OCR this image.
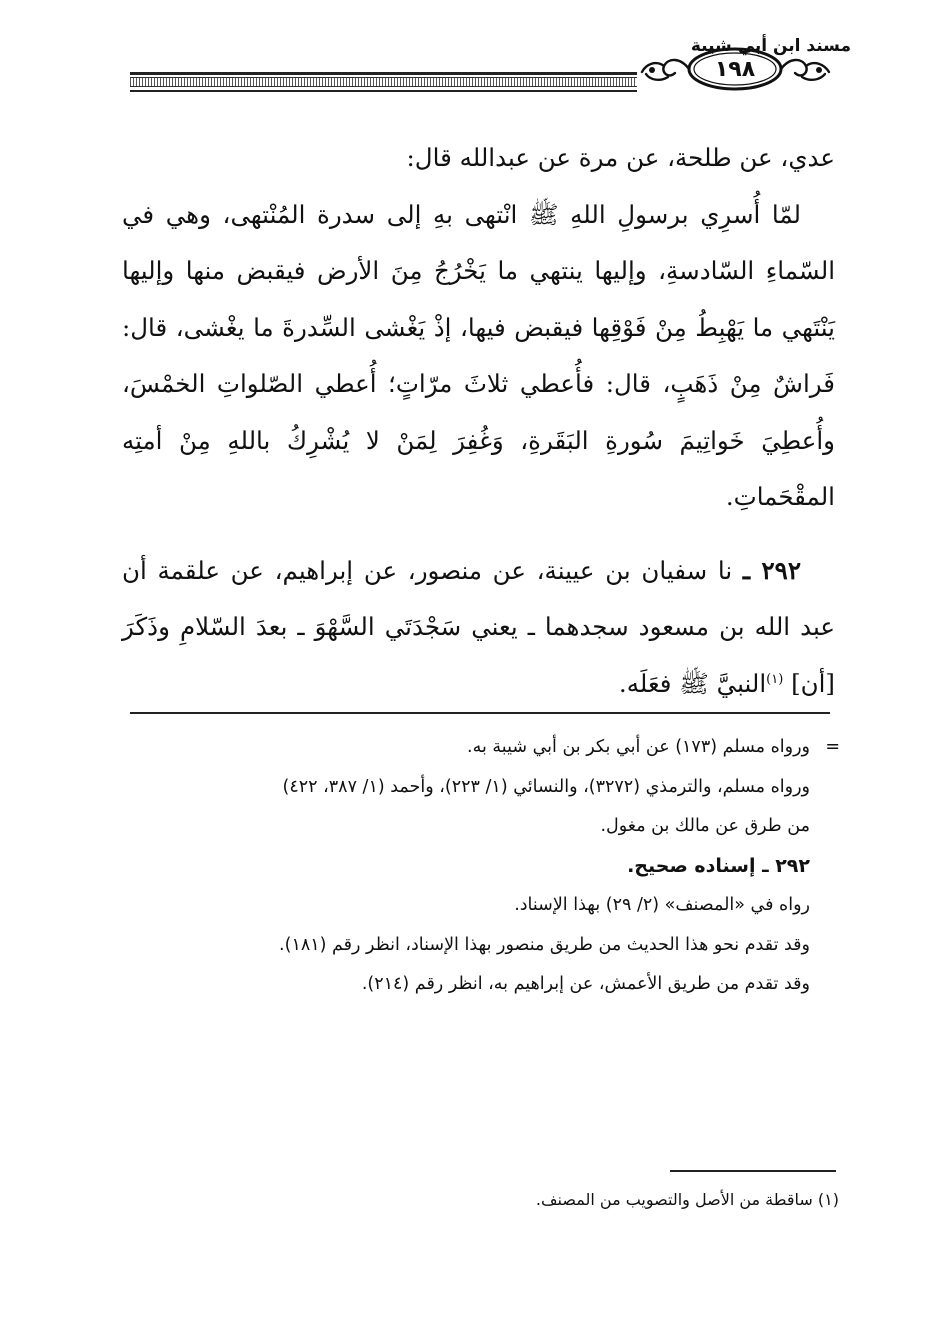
مسند ابن أبي شيبة
١٩٨

عدي، عن طلحة، عن مرة عن عبدالله قال:

لمّا أُسرِي برسولِ اللهِ ﷺ انْتهى بهِ إلى سدرة المُنْتهى، وهي في السّماءِ السّادسةِ، وإليها ينتهي ما يَخْرُجُ مِنَ الأرض فيقبض منها وإليها يَنْتَهي ما يَهْبِطُ مِنْ فَوْقِها فيقبض فيها، إذْ يَغْشى السِّدرةَ ما يغْشى، قال: فَراشٌ مِنْ ذَهَبٍ، قال: فأُعطي ثلاثَ مرّاتٍ؛ أُعطي الصّلواتِ الخمْسَ، وأُعطِيَ خَواتِيمَ سُورةِ البَقَرةِ، وَغُفِرَ لِمَنْ لا يُشْرِكُ باللهِ مِنْ أمتِه المقْحَماتِ.

٢٩٢ ـ نا سفيان بن عيينة، عن منصور، عن إبراهيم، عن علقمة أن عبد الله بن مسعود سجدهما ـ يعني سَجْدَتَي السَّهْوَ ـ بعدَ السّلامِ وذَكَرَ [أن] $^{(١)}$النبيَّ ﷺ فعَلَه.

=ورواه مسلم (١٧٣) عن أبي بكر بن أبي شيبة به.

ورواه مسلم، والترمذي (٣٢٧٢)، والنسائي (١/ ٢٢٣)، وأحمد (١/ ٣٨٧، ٤٢٢)

من طرق عن مالك بن مغول.

٢٩٢ ـ إسناده صحيح.

رواه في «المصنف» (٢/ ٢٩) بهذا الإسناد.

وقد تقدم نحو هذا الحديث من طريق منصور بهذا الإسناد، انظر رقم (١٨١).

وقد تقدم من طريق الأعمش، عن إبراهيم به، انظر رقم (٢١٤).

(١) ساقطة من الأصل والتصويب من المصنف.
